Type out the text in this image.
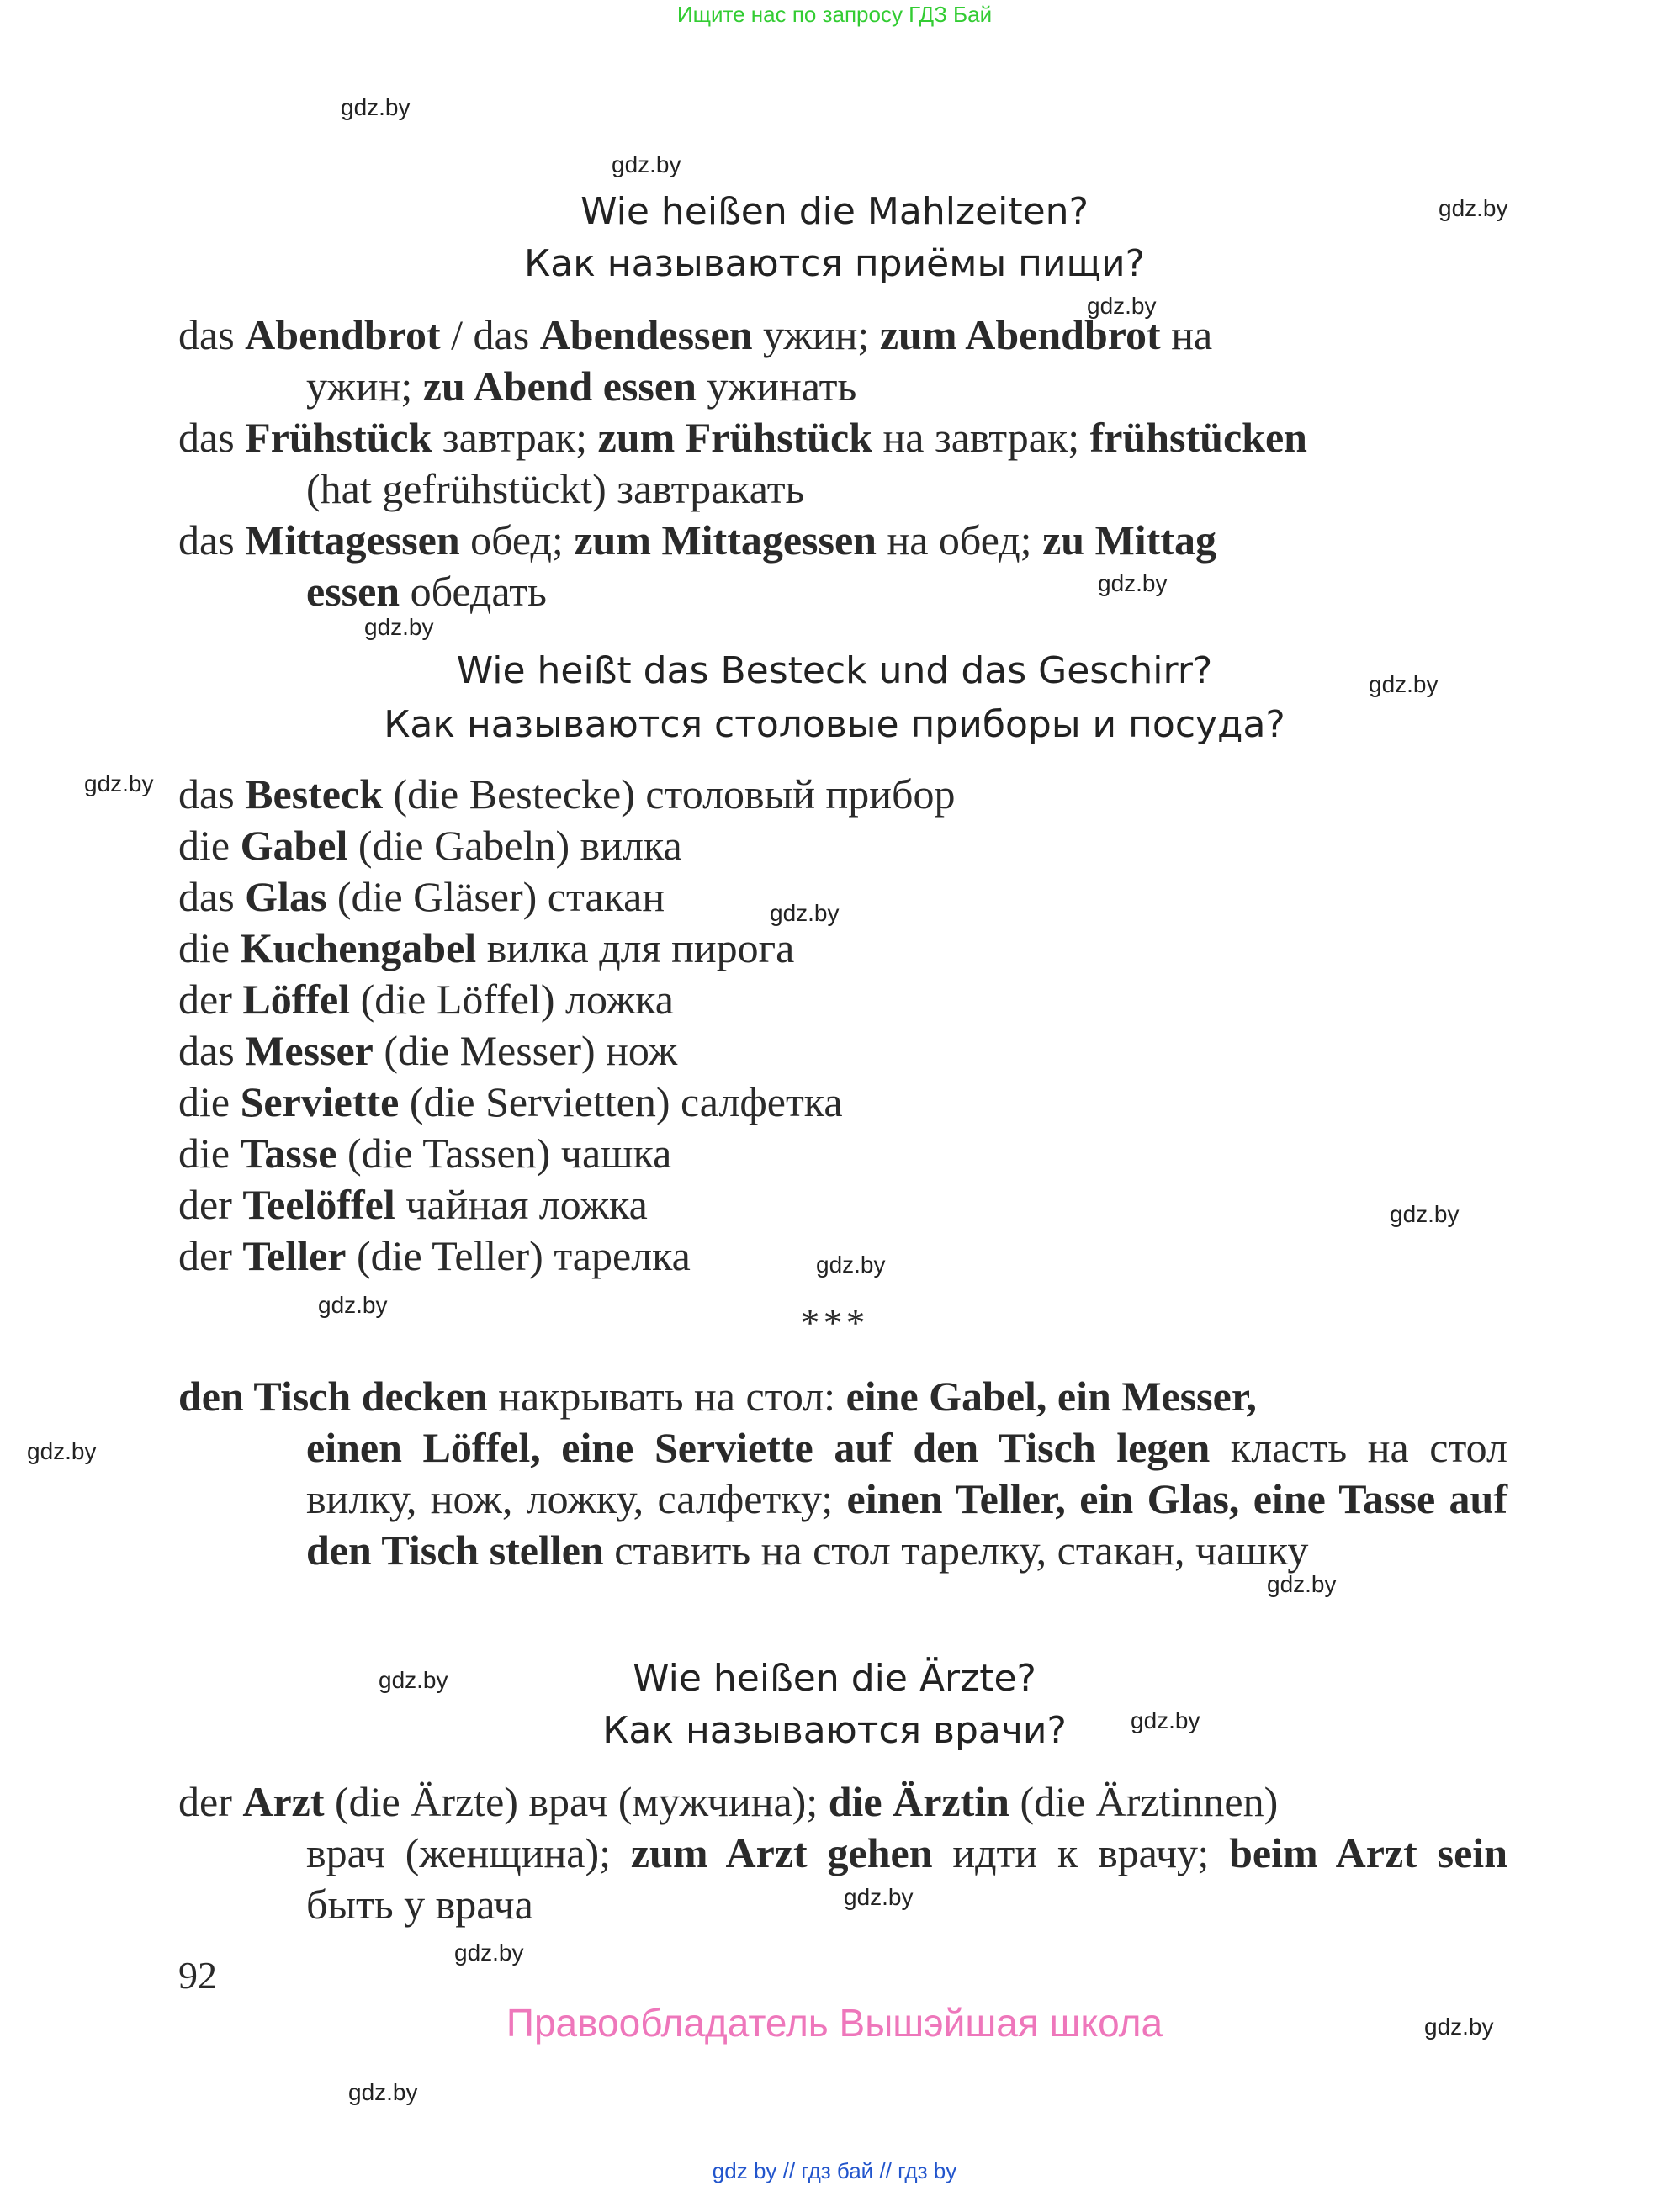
Ищите нас по запросу ГДЗ Бай
gdz.by
gdz.by
gdz.by
gdz.by
gdz.by
gdz.by
gdz.by
gdz.by
gdz.by
gdz.by
gdz.by
gdz.by
gdz.by
gdz.by
gdz.by
gdz.by
gdz.by
gdz.by
gdz.by
gdz.by
Wie heißen die Mahlzeiten?
Как называются приёмы пищи?
das Abendbrot / das Abendessen ужин; zum Abendbrot на
ужин; zu Abend essen ужинать
das Frühstück завтрак; zum Frühstück на завтрак; frühstücken
(hat gefrühstückt) завтракать
das Mittagessen обед; zum Mittagessen на обед; zu Mittag
essen обедать
Wie heißt das Besteck und das Geschirr?
Как называются столовые приборы и посуда?
das Besteck (die Bestecke) столовый прибор
die Gabel (die Gabeln) вилка
das Glas (die Gläser) стакан
die Kuchengabel вилка для пирога
der Löffel (die Löffel) ложка
das Messer (die Messer) нож
die Serviette (die Servietten) салфетка
die Tasse (die Tassen) чашка
der Teelöffel чайная ложка
der Teller (die Teller) тарелка
***
den Tisch decken накрывать на стол: eine Gabel, ein Messer,
einen Löffel, eine Serviette auf den Tisch legen класть на стол вилку, нож, ложку, салфетку; einen Teller, ein Glas, eine Tasse auf den Tisch stellen ставить на стол тарелку, стакан, чашку
Wie heißen die Ärzte?
Как называются врачи?
der Arzt (die Ärzte) врач (мужчина); die Ärztin (die Ärztinnen)
врач (женщина); zum Arzt gehen идти к врачу; beim Arzt sein быть у врача
92
Правообладатель Вышэйшая школа
gdz by // гдз бай // гдз by
